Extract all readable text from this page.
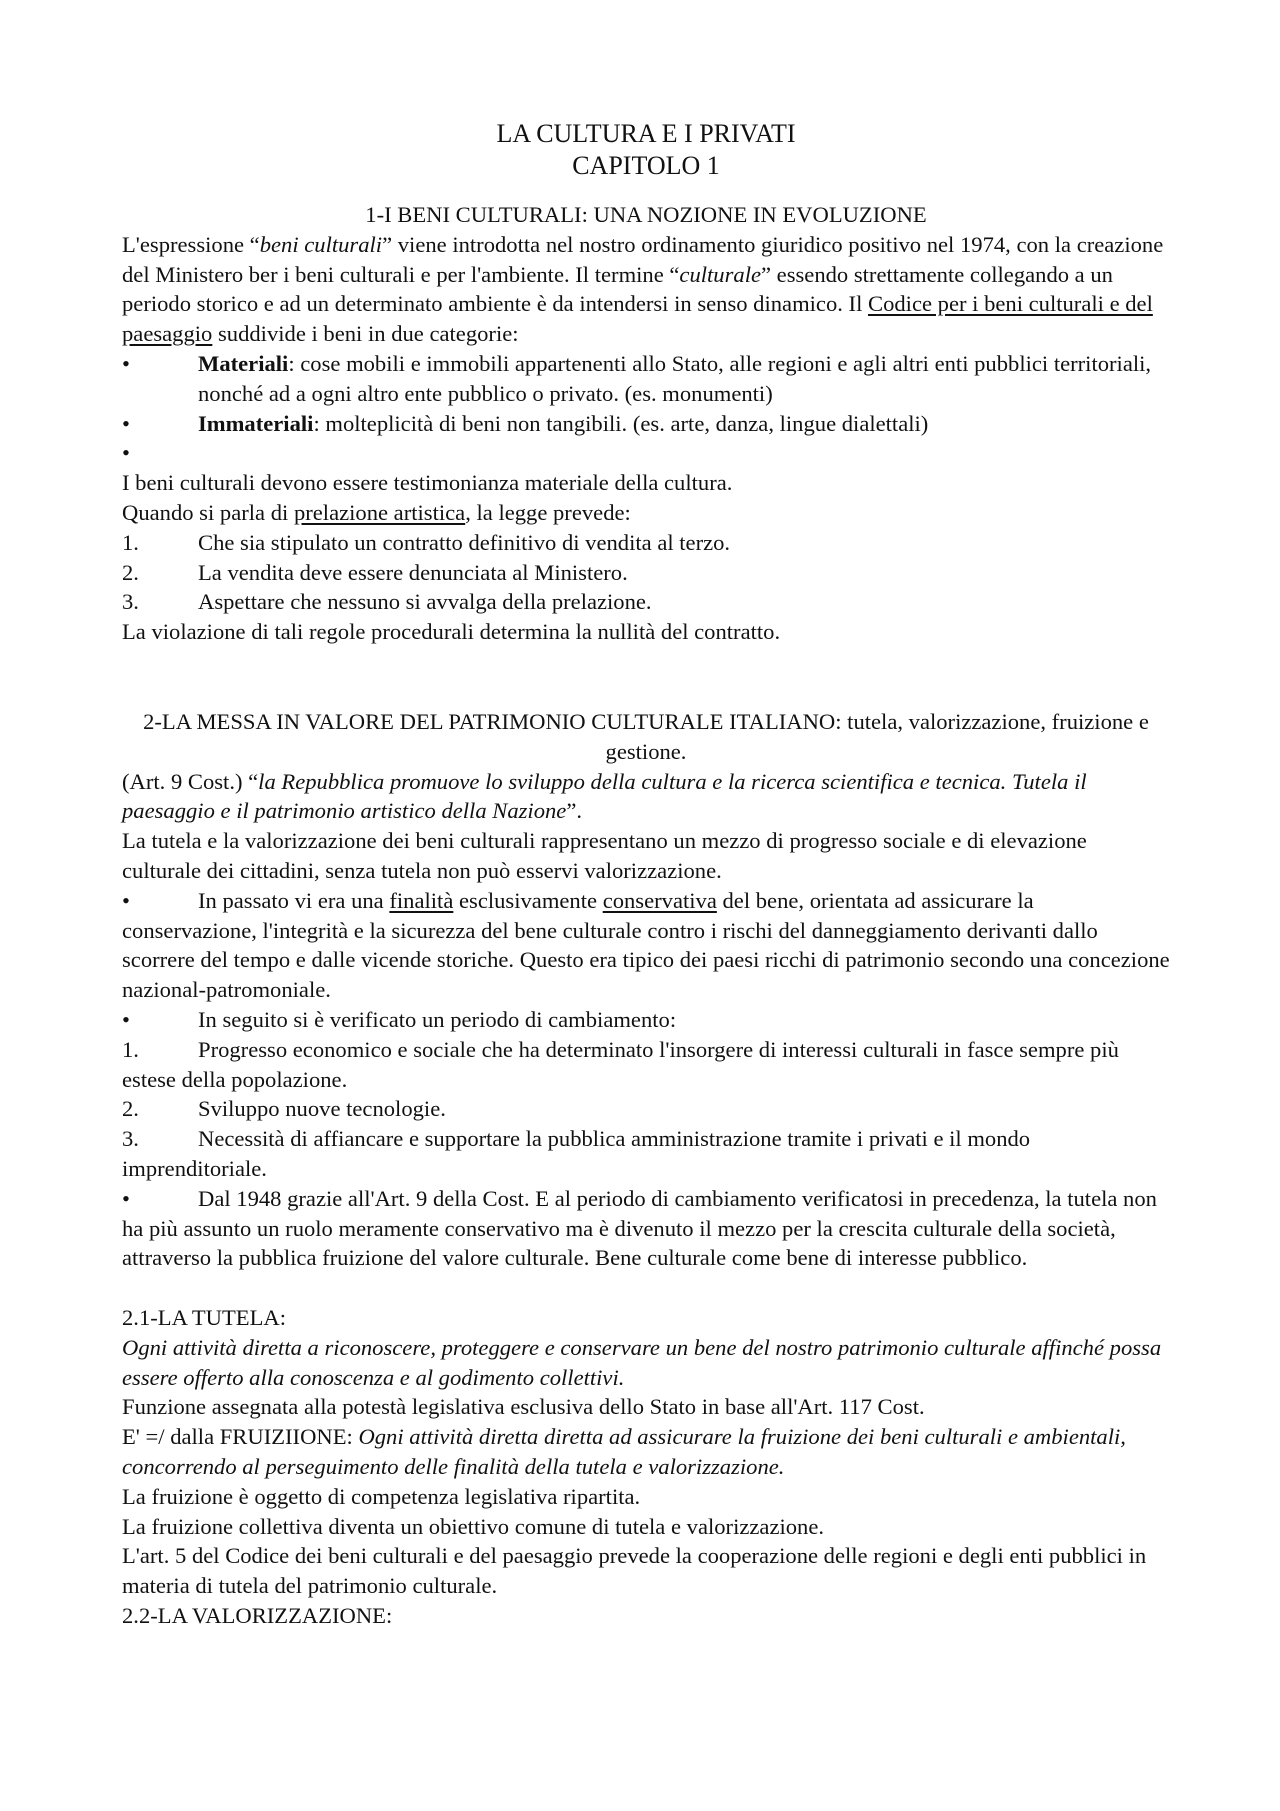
LA CULTURA E I PRIVATI
CAPITOLO 1
1-I BENI CULTURALI: UNA NOZIONE IN EVOLUZIONE

L'espressione “beni culturali” viene introdotta nel nostro ordinamento giuridico positivo nel 1974, con la creazione del Ministero ber i beni culturali e per l'ambiente. Il termine “culturale” essendo strettamente collegando a un periodo storico e ad un determinato ambiente è da intendersi in senso dinamico. Il Codice per i beni culturali e del paesaggio suddivide i beni in due categorie:

•	Materiali: cose mobili e immobili appartenenti allo Stato, alle regioni e agli altri enti pubblici territoriali, nonché ad a ogni altro ente pubblico o privato. (es. monumenti)
•	Immateriali: molteplicità di beni non tangibili. (es. arte, danza, lingue dialettali)
•

I beni culturali devono essere testimonianza materiale della cultura.

Quando si parla di prelazione artistica, la legge prevede:

1.	Che sia stipulato un contratto definitivo di vendita al terzo.
2.	La vendita deve essere denunciata al Ministero.
3.	Aspettare che nessuno si avvalga della prelazione.

La violazione di tali regole procedurali determina la nullità del contratto.

2-LA MESSA IN VALORE DEL PATRIMONIO CULTURALE ITALIANO: tutela, valorizzazione, fruizione e gestione.

(Art. 9 Cost.) “la Repubblica promuove lo sviluppo della cultura e la ricerca scientifica e tecnica. Tutela il paesaggio e il patrimonio artistico della Nazione”.

La tutela e la valorizzazione dei beni culturali rappresentano un mezzo di progresso sociale e di elevazione culturale dei cittadini, senza tutela non può esservi valorizzazione.

•	In passato vi era una finalità esclusivamente conservativa del bene, orientata ad assicurare la conservazione, l'integrità e la sicurezza del bene culturale contro i rischi del danneggiamento derivanti dallo scorrere del tempo e dalle vicende storiche. Questo era tipico dei paesi ricchi di patrimonio secondo una concezione nazional-patromoniale.

•	In seguito si è verificato un periodo di cambiamento:

1.	Progresso economico e sociale che ha determinato l'insorgere di interessi culturali in fasce sempre più estese della popolazione.

2.	Sviluppo nuove tecnologie.

3.	Necessità di affiancare e supportare la pubblica amministrazione tramite i privati e il mondo imprenditoriale.

•	Dal 1948 grazie all'Art. 9 della Cost. E al periodo di cambiamento verificatosi in precedenza, la tutela non ha più assunto un ruolo meramente conservativo ma è divenuto il mezzo per la crescita culturale della società, attraverso la pubblica fruizione del valore culturale. Bene culturale come bene di interesse pubblico.

2.1-LA TUTELA:

Ogni attività diretta a riconoscere, proteggere e conservare un bene del nostro patrimonio culturale affinché possa essere offerto alla conoscenza e al godimento collettivi.

Funzione assegnata alla potestà legislativa esclusiva dello Stato in base all'Art. 117 Cost.

E' =/ dalla FRUIZIIONE: Ogni attività diretta diretta ad assicurare la fruizione dei beni culturali e ambientali, concorrendo al perseguimento delle finalità della tutela e valorizzazione.

La fruizione è oggetto di competenza legislativa ripartita.

La fruizione collettiva diventa un obiettivo comune di tutela e valorizzazione.

L'art. 5 del Codice dei beni culturali e del paesaggio prevede la cooperazione delle regioni e degli enti pubblici in materia di tutela del patrimonio culturale.

2.2-LA VALORIZZAZIONE:
